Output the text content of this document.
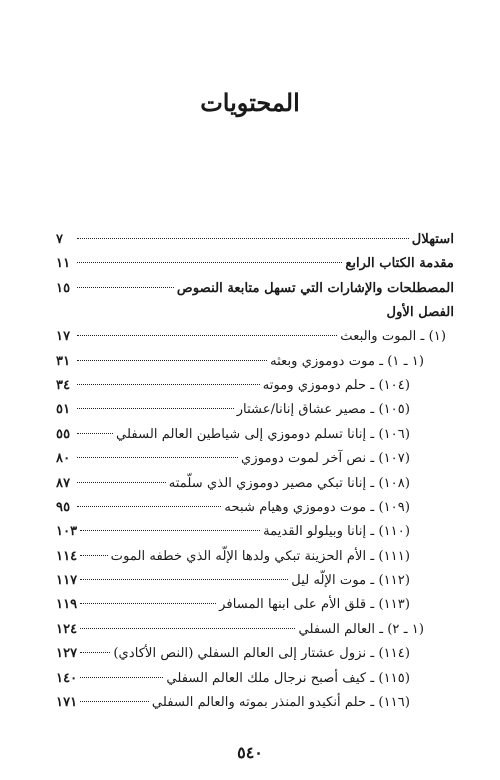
المحتويات
استهلال
٧
مقدمة الكتاب الرابع
١١
المصطلحات والإشارات التي تسهل متابعة النصوص
١٥
الفصل الأول
(١) ـ الموت والبعث
١٧
(١ ـ ١) ـ موت دوموزي وبعثه
٣١
(١٠٤) ـ حلم دوموزي وموته
٣٤
(١٠٥) ـ مصير عشاق إنانا/عشتار
٥١
(١٠٦) ـ إنانا تسلم دوموزي إلى شياطين العالم السفلي
٥٥
(١٠٧) ـ نص آخر لموت دوموزي
٨٠
(١٠٨) ـ إنانا تبكي مصير دوموزي الذي سلّمته
٨٧
(١٠٩) ـ موت دوموزي وهيام شبحه
٩٥
(١١٠) ـ إنانا وبيلولو القديمة
١٠٣
(١١١) ـ الأم الحزينة تبكي ولدها الإلّه الذي خطفه الموت
١١٤
(١١٢) ـ موت الإلّه ليل
١١٧
(١١٣) ـ قلق الأم على ابنها المسافر
١١٩
(١ ـ ٢) ـ العالم السفلي
١٢٤
(١١٤) ـ نزول عشتار إلى العالم السفلي (النص الأكادي)
١٢٧
(١١٥) ـ كيف أصبح نرجال ملك العالم السفلي
١٤٠
(١١٦) ـ حلم أنكيدو المنذر بموته والعالم السفلي
١٧١
٥٤٠
